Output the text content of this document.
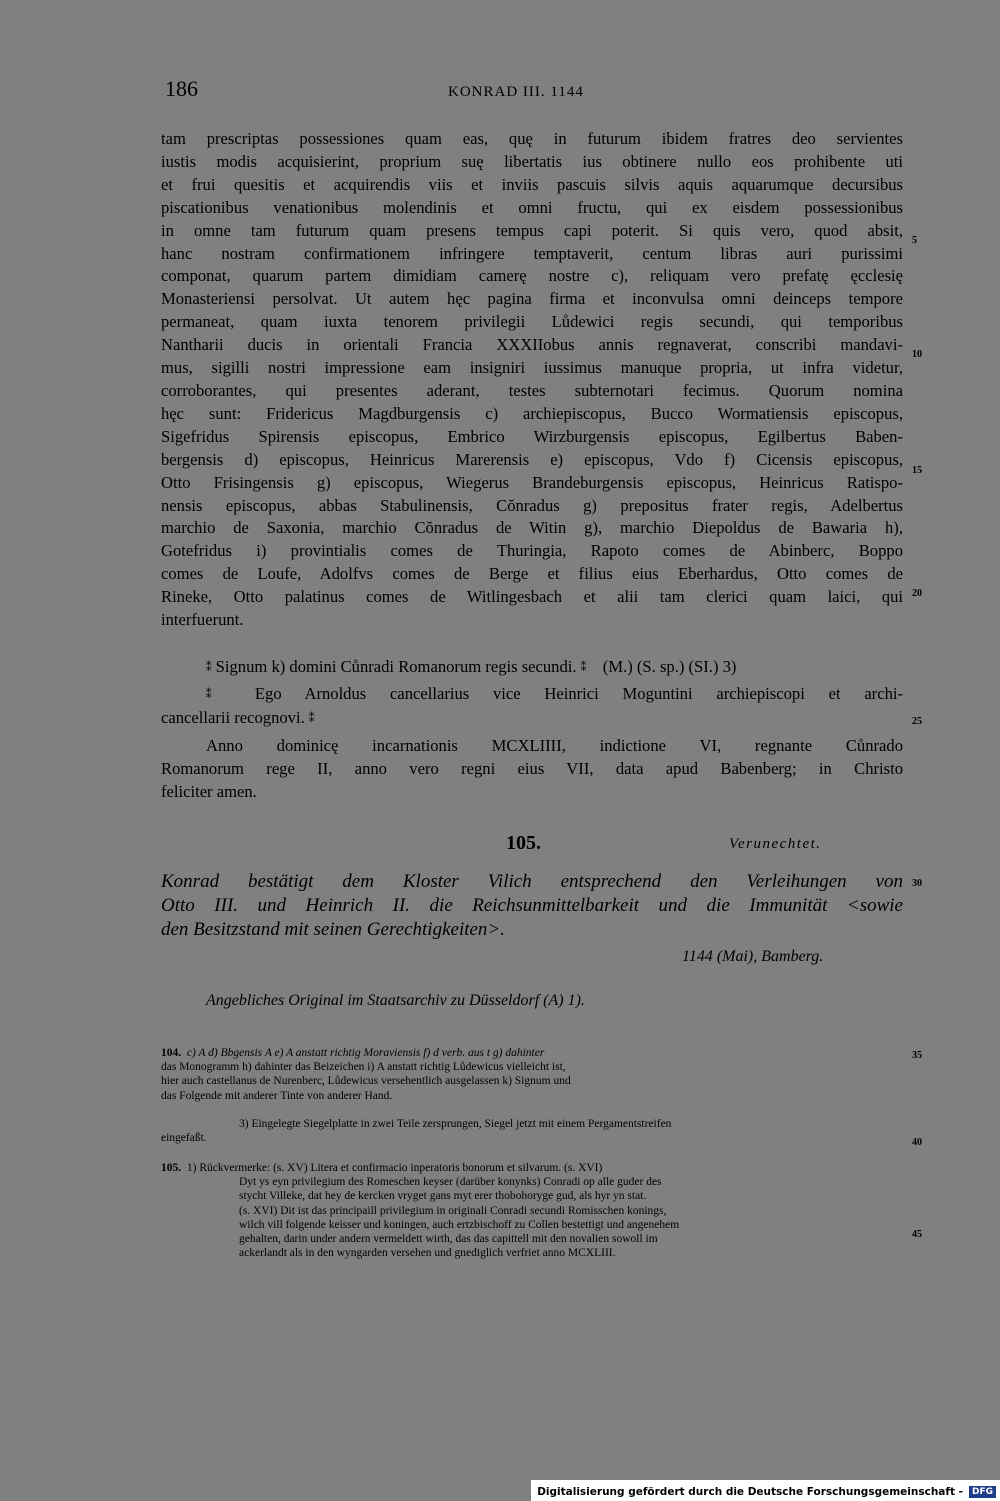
186	KONRAD III. 1144
tam prescriptas possessiones quam eas, quę in futurum ibidem fratres deo servientes
iustis modis acquisierint, proprium suę libertatis ius obtinere nullo eos prohibente uti
et frui quesitis et acquirendis viis et inviis pascuis silvis aquis aquarumque decursibus
piscationibus venationibus molendinis et omni fructu, qui ex eisdem possessionibus
in omne tam futurum quam presens tempus capi poterit. Si quis vero, quod absit,
hanc nostram confirmationem infringere temptaverit, centum libras auri purissimi
componat, quarum partem dimidiam camerę nostre c), reliquam vero prefatę ęcclesię
Monasteriensi persolvat. Ut autem hęc pagina firma et inconvulsa omni deinceps tempore
permaneat, quam iuxta tenorem privilegii Lůdewici regis secundi, qui temporibus
Nantharii ducis in orientali Francia XXXIIobus annis regnaverat, conscribi mandavi-
mus, sigilli nostri impressione eam insigniri iussimus manuque propria, ut infra videtur,
corroborantes, qui presentes aderant, testes subternotari fecimus. Quorum nomina
hęc sunt: Fridericus Magdburgensis c) archiepiscopus, Bucco Wormatiensis episcopus,
Sigefridus Spirensis episcopus, Embrico Wirzburgensis episcopus, Egilbertus Baben-
bergensis d) episcopus, Heinricus Marerensis e) episcopus, Vdo f) Cicensis episcopus,
Otto Frisingensis g) episcopus, Wiegerus Brandeburgensis episcopus, Heinricus Ratispo-
nensis episcopus, abbas Stabulinensis, Cŏnradus g) prepositus frater regis, Adelbertus
marchio de Saxonia, marchio Cŏnradus de Witin g), marchio Diepoldus de Bawaria h),
Gotefridus i) provintialis comes de Thuringia, Rapoto comes de Abinberc, Boppo
comes de Loufe, Adolfvs comes de Berge et filius eius Eberhardus, Otto comes de
Rineke, Otto palatinus comes de Witlingesbach et alii tam clerici quam laici, qui
interfuerunt.
⁑ Signum k) domini Cůnradi Romanorum regis secundi. ⁑ (M.) (S. sp.) (SI.) 3)
⁑ Ego Arnoldus cancellarius vice Heinrici Moguntini archiepiscopi et archi-
cancellarii recognovi. ⁑
Anno dominicę incarnationis MCXLIIII, indictione VI, regnante Cůnrado
Romanorum rege II, anno vero regni eius VII, data apud Babenberg; in Christo
feliciter amen.
5
10
15
20
25
30
35
40
45
105.	Verunechtet.
Konrad bestätigt dem Kloster Vilich entsprechend den Verleihungen von
Otto III. und Heinrich II. die Reichsunmittelbarkeit und die Immunität <sowie
den Besitzstand mit seinen Gerechtigkeiten>.
1144 (Mai), Bamberg.
Angebliches Original im Staatsarchiv zu Düsseldorf (A) 1).
104. c) A d) Bbgensis A e) A anstatt richtig Moraviensis f) d verb. aus t g) dahinter
das Monogramm h) dahinter das Beizeichen i) A anstatt richtig Lůdewicus vielleicht ist,
hier auch castellanus de Nurenberc, Lůdewicus versehentlich ausgelassen k) Signum und
das Folgende mit anderer Tinte von anderer Hand.
3) Eingelegte Siegelplatte in zwei Teile zersprungen, Siegel jetzt mit einem Pergamentstreifen
eingefaßt.
105. 1) Rückvermerke: (s. XV) Litera et confirmacio inperatoris bonorum et silvarum. (s. XVI)
Dyt ys eyn privilegium des Romeschen keyser (darüber konynks) Conradi op alle guder des
stycht Villeke, dat hey de kercken vryget gans myt erer thobohoryge gud, als hyr yn stat.
(s. XVI) Dit ist das principaill privilegium in originali Conradi secundi Romisschen konings,
wilch vill folgende keisser und koningen, auch ertzbischoff zu Collen bestettigt und angenehem
gehalten, darin under andern vermeldett wirth, das das capittell mit den novalien sowoll im
ackerlandt als in den wyngarden versehen und gnediglich verfriet anno MCXLIII.
Digitalisierung gefördert durch die Deutsche Forschungsgemeinschaft -	DFG
